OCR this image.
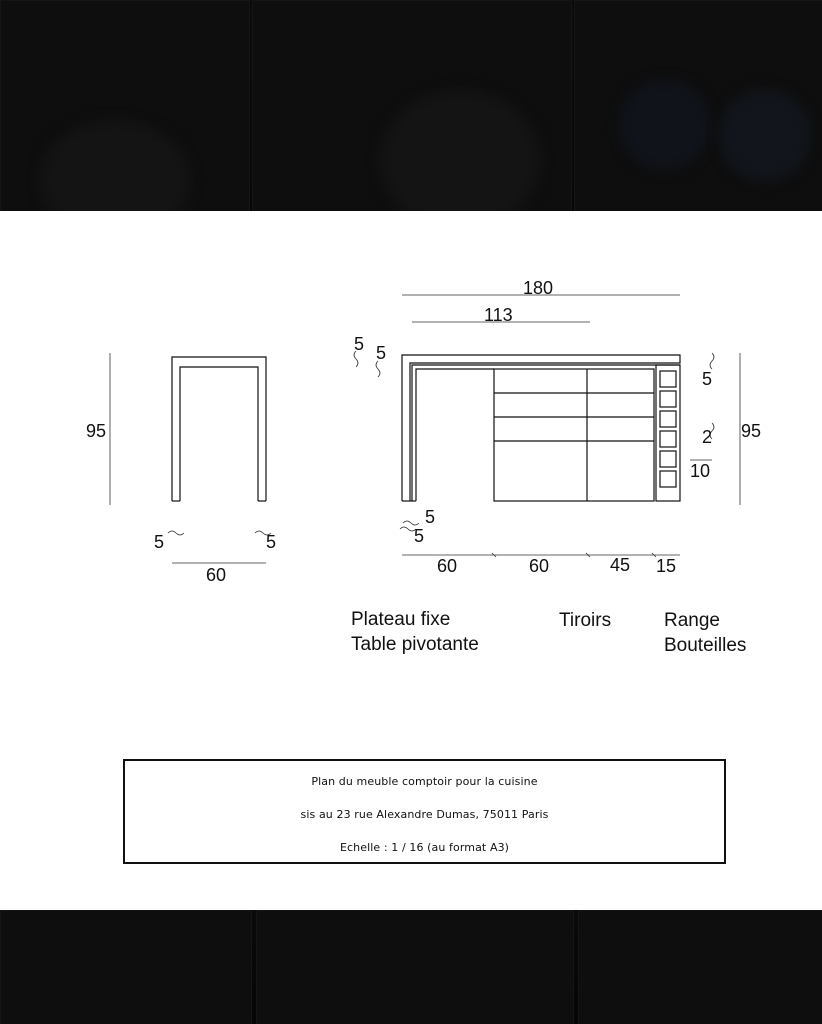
95
5	5
60
180
113
5 5
5
2
10
95
5
5
60	60	45 15
Plateau fixe
Table pivotante
Tiroirs	Range
Bouteilles
Plan du meuble comptoir pour la cuisine
sis au 23 rue Alexandre Dumas, 75011 Paris
Echelle : 1 / 16 (au format A3)
